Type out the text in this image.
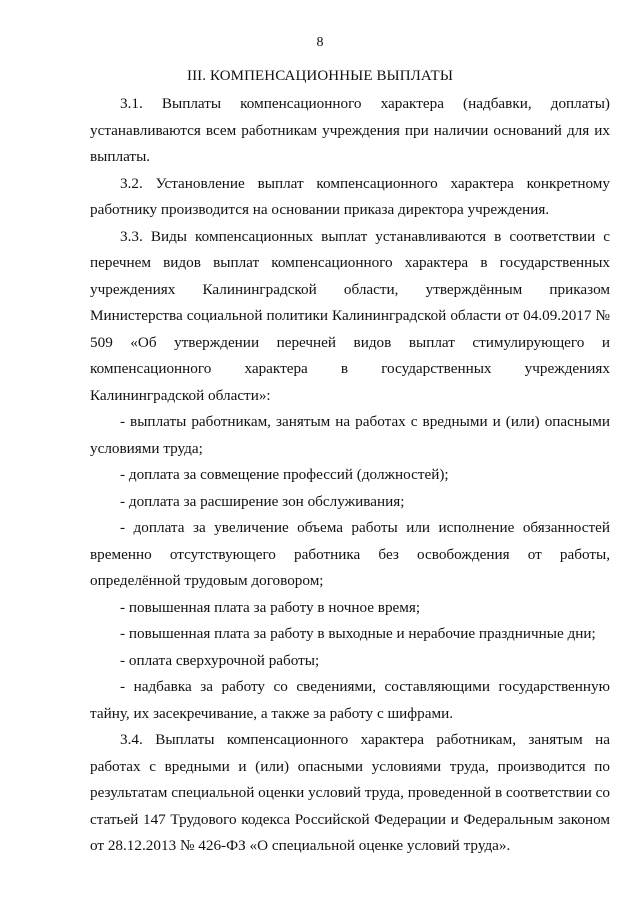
8
III. КОМПЕНСАЦИОННЫЕ ВЫПЛАТЫ

3.1. Выплаты компенсационного характера (надбавки, доплаты) устанавливаются всем работникам учреждения при наличии оснований для их выплаты.

3.2. Установление выплат компенсационного характера конкретному работнику производится на основании приказа директора учреждения.

3.3. Виды компенсационных выплат устанавливаются в соответствии с перечнем видов выплат компенсационного характера в государственных учреждениях Калининградской области, утверждённым приказом Министерства социальной политики Калининградской области от 04.09.2017 № 509 «Об утверждении перечней видов выплат стимулирующего и компенсационного характера в государственных учреждениях Калининградской области»:

- выплаты работникам, занятым на работах с вредными и (или) опасными условиями труда;

- доплата за совмещение профессий (должностей);

- доплата за расширение зон обслуживания;

- доплата за увеличение объема работы или исполнение обязанностей временно отсутствующего работника без освобождения от работы, определённой трудовым договором;

- повышенная плата за работу в ночное время;

- повышенная плата за работу в выходные и нерабочие праздничные дни;

- оплата сверхурочной работы;

- надбавка за работу со сведениями, составляющими государственную тайну, их засекречивание, а также за работу с шифрами.

3.4. Выплаты компенсационного характера работникам, занятым на работах с вредными и (или) опасными условиями труда, производится по результатам специальной оценки условий труда, проведенной в соответствии со статьей 147 Трудового кодекса Российской Федерации и Федеральным законом от 28.12.2013 № 426-ФЗ «О специальной оценке условий труда».
